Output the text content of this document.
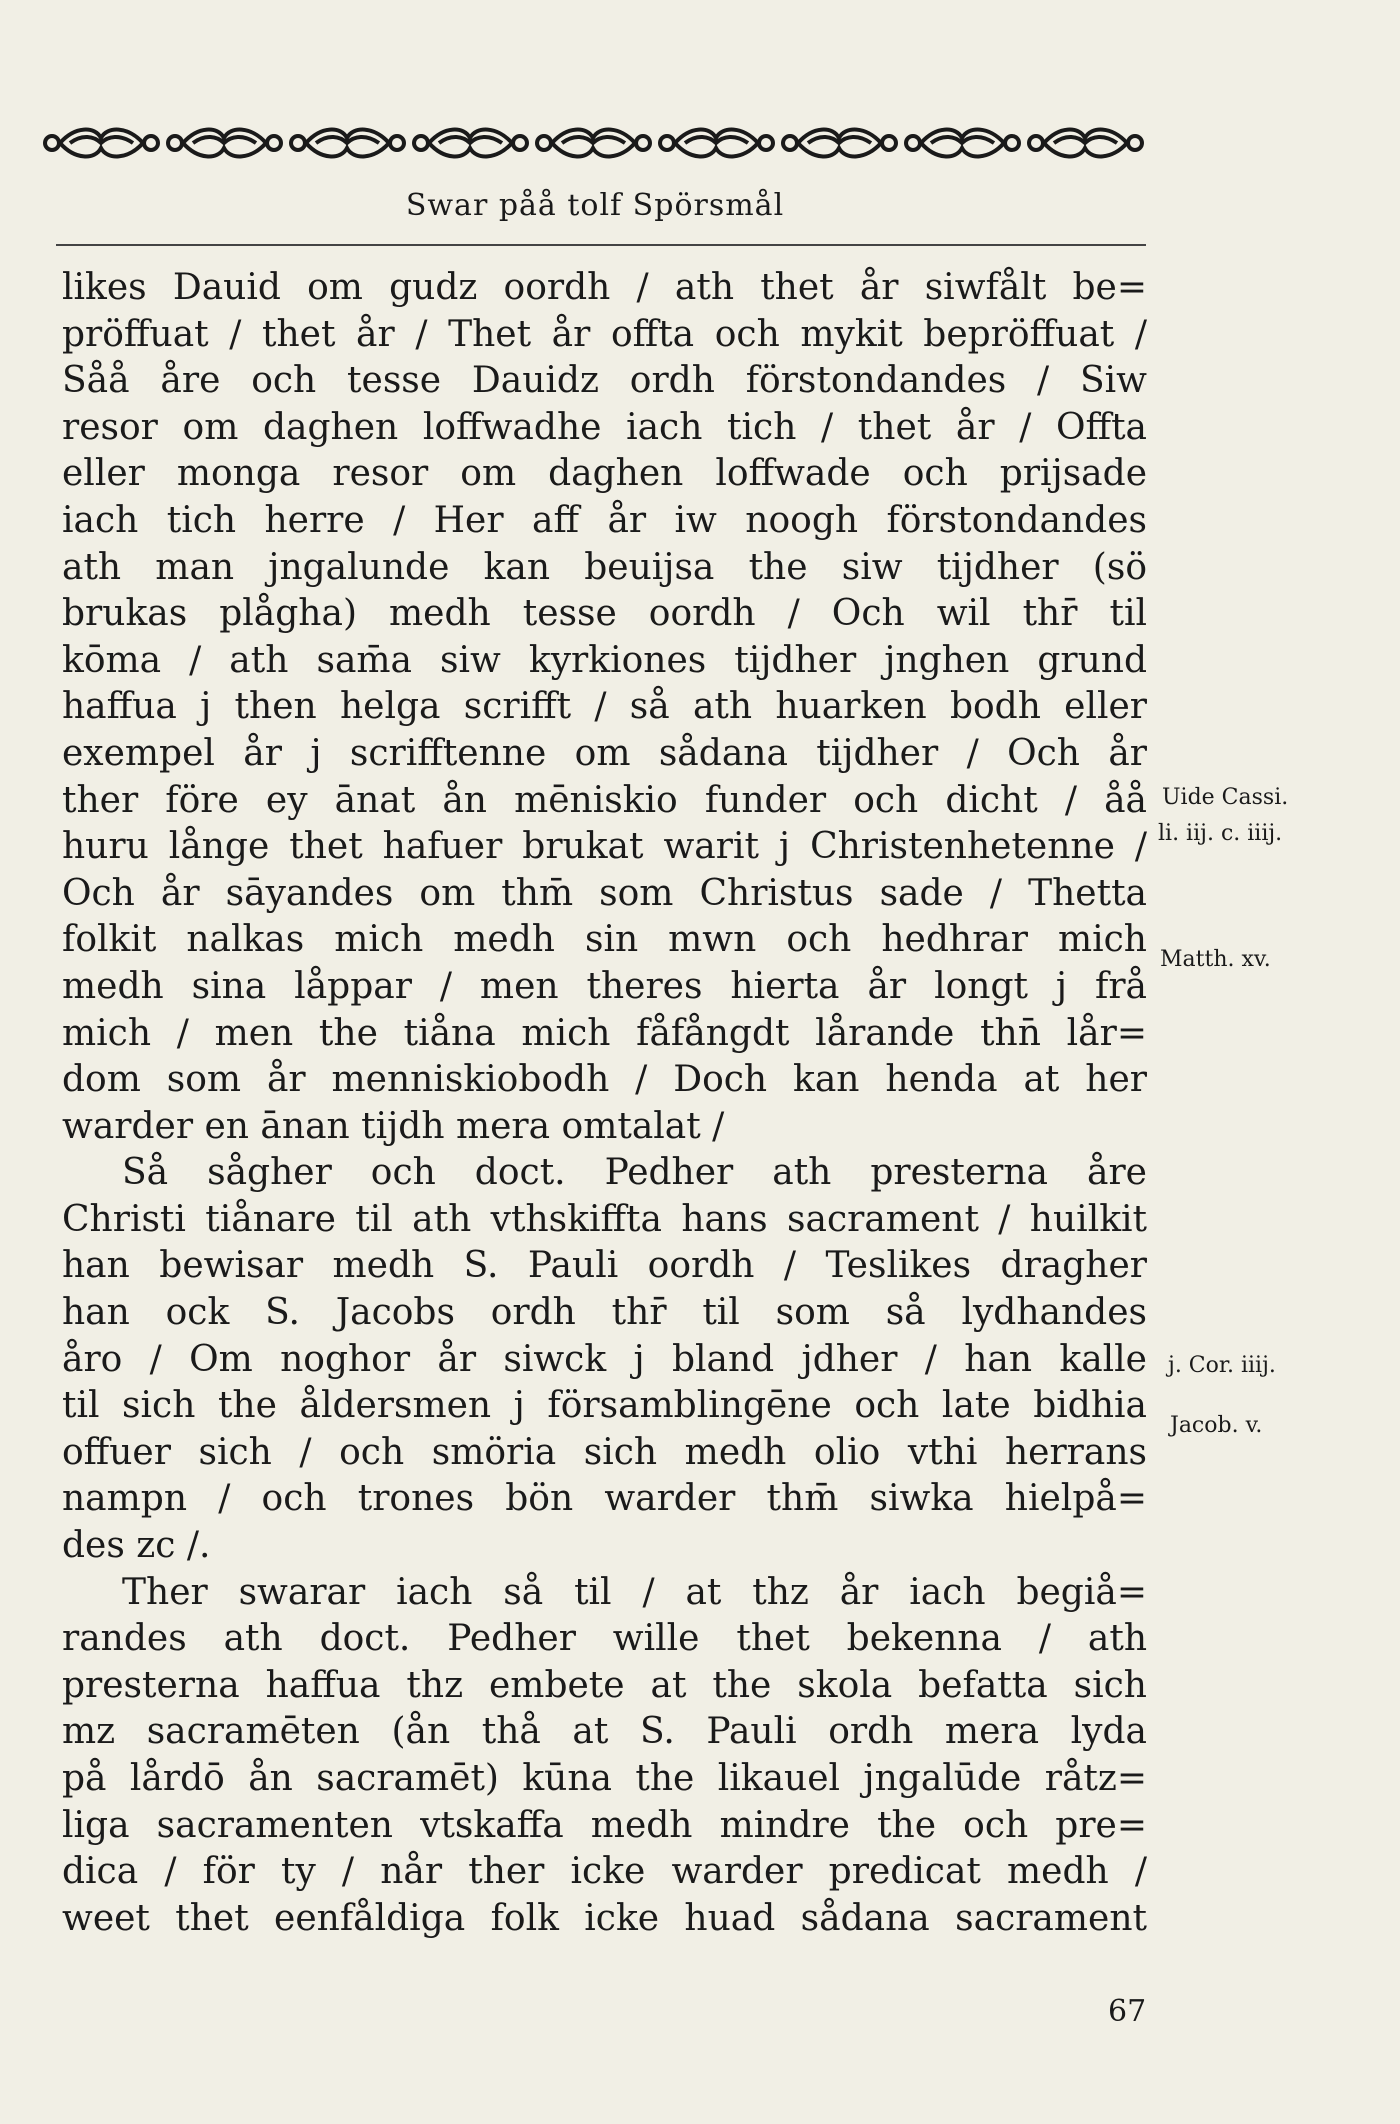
Swar påå tolf Spörsmål
likes Dauid om gudz oordh / ath thet år siwfålt be=
pröffuat / thet år / Thet år offta och mykit bepröffuat /
Såå åre och tesse Dauidz ordh förstondandes / Siw
resor om daghen loffwadhe iach tich / thet år / Offta
eller monga resor om daghen loffwade och prijsade
iach tich herre / Her aff år iw noogh förstondandes
ath man jngalunde kan beuijsa the siw tijdher (sö
brukas plågha) medh tesse oordh / Och wil thr̄ til
kōma / ath sam̄a siw kyrkiones tijdher jnghen grund
haffua j then helga scrifft / så ath huarken bodh eller
exempel år j scrifftenne om sådana tijdher / Och år
ther före ey ānat ån mēniskio funder och dicht / åå
huru långe thet hafuer brukat warit j Christenhetenne /
Och år sāyandes om thm̄ som Christus sade / Thetta
folkit nalkas mich medh sin mwn och hedhrar mich
medh sina låppar / men theres hierta år longt j frå
mich / men the tiåna mich fåfångdt lårande thn̄ lår=
dom som år menniskiobodh / Doch kan henda at her
warder en ānan tijdh mera omtalat /
Så sågher och doct. Pedher ath presterna åre
Christi tiånare til ath vthskiffta hans sacrament / huilkit
han bewisar medh S. Pauli oordh / Teslikes dragher
han ock S. Jacobs ordh thr̄ til som så lydhandes
åro / Om noghor år siwck j bland jdher / han kalle
til sich the åldersmen j församblingēne och late bidhia
offuer sich / och smöria sich medh olio vthi herrans
nampn / och trones bön warder thm̄ siwka hielpå=
des zc /.
Ther swarar iach så til / at thz år iach begiå=
randes ath doct. Pedher wille thet bekenna / ath
presterna haffua thz embete at the skola befatta sich
mz sacramēten (ån thå at S. Pauli ordh mera lyda
på lårdō ån sacramēt) kūna the likauel jngalūde råtz=
liga sacramenten vtskaffa medh mindre the och pre=
dica / för ty / når ther icke warder predicat medh /
weet thet eenfåldiga folk icke huad sådana sacrament
Uide Cassi.
li. iij. c. iiij.
Matth. xv.
j. Cor. iiij.
Jacob. v.
67
